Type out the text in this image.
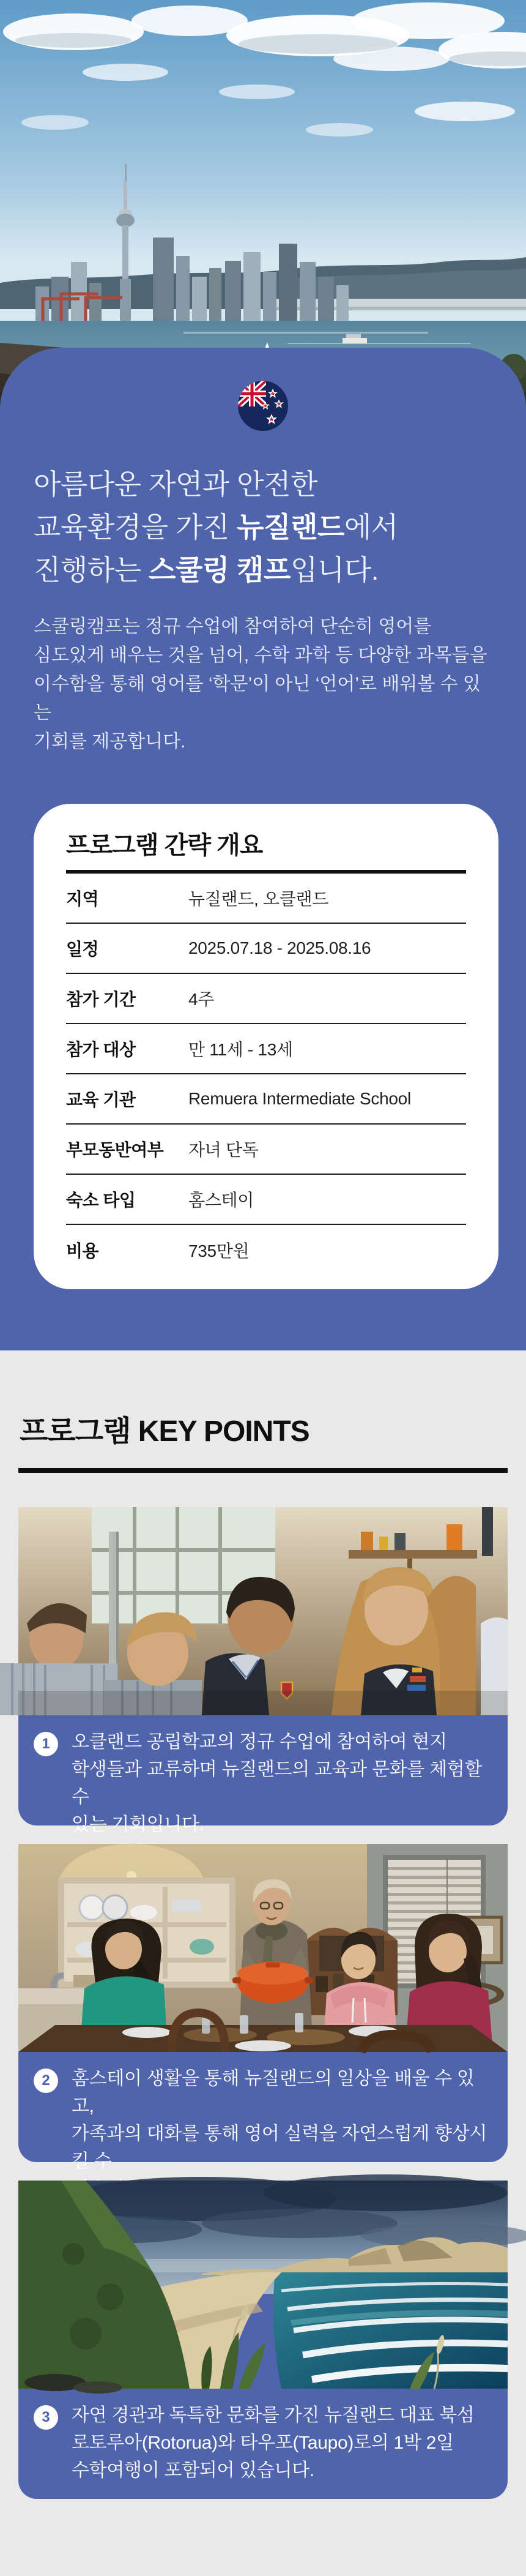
아름다운 자연과 안전한
교육환경을 가진 뉴질랜드에서
진행하는 스쿨링 캠프입니다.
스쿨링캠프는 정규 수업에 참여하여 단순히 영어를
심도있게 배우는 것을 넘어, 수학 과학 등 다양한 과목들을
이수함을 통해 영어를 ‘학문’이 아닌 ‘언어’로 배워볼 수 있는
기회를 제공합니다.
프로그램 간략 개요
지역	뉴질랜드, 오클랜드
일정	2025.07.18 - 2025.08.16
참가 기간	4주
참가 대상	만 11세 - 13세
교육 기관	Remuera Intermediate School
부모동반여부	자녀 단독
숙소 타입	홈스테이
비용	735만원
프로그램 KEY POINTS
1	오클랜드 공립학교의 정규 수업에 참여하여 현지
학생들과 교류하며 뉴질랜드의 교육과 문화를 체험할 수
있는 기회입니다.
2	홈스테이 생활을 통해 뉴질랜드의 일상을 배울 수 있고,
가족과의 대화를 통해 영어 실력을 자연스럽게 향상시킬 수
3	자연 경관과 독특한 문화를 가진 뉴질랜드 대표 북섬
로토루아(Rotorua)와 타우포(Taupo)로의 1박 2일
수학여행이 포함되어 있습니다.
